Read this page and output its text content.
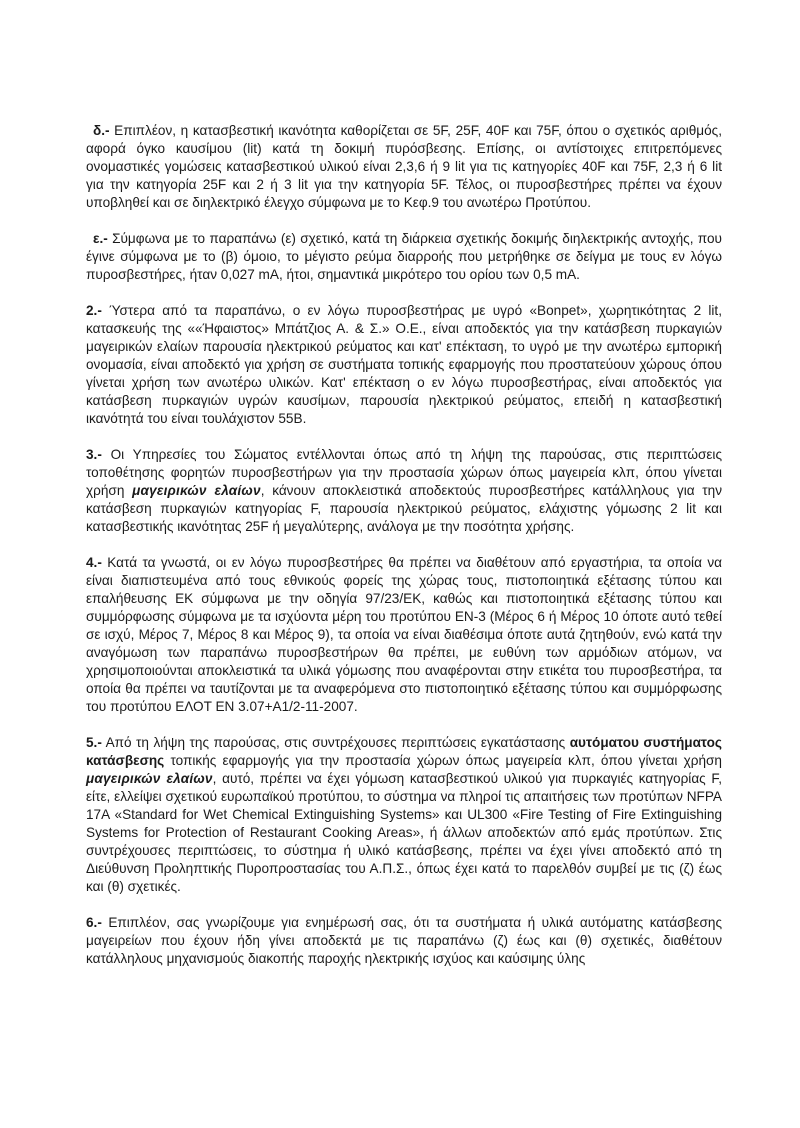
δ.- Επιπλέον, η κατασβεστική ικανότητα καθορίζεται σε 5F, 25F, 40F και 75F, όπου ο σχετικός αριθμός, αφορά όγκο καυσίμου (lit) κατά τη δοκιμή πυρόσβεσης. Επίσης, οι αντίστοιχες επιτρεπόμενες ονομαστικές γομώσεις κατασβεστικού υλικού είναι 2,3,6 ή 9 lit για τις κατηγορίες 40F και 75F, 2,3 ή 6 lit για την κατηγορία 25F και 2 ή 3 lit για την κατηγορία 5F. Τέλος, οι πυροσβεστήρες πρέπει να έχουν υποβληθεί και σε διηλεκτρικό έλεγχο σύμφωνα με το Κεφ.9 του ανωτέρω Προτύπου.

ε.- Σύμφωνα με το παραπάνω (ε) σχετικό, κατά τη διάρκεια σχετικής δοκιμής διηλεκτρικής αντοχής, που έγινε σύμφωνα με το (β) όμοιο, το μέγιστο ρεύμα διαρροής που μετρήθηκε σε δείγμα με τους εν λόγω πυροσβεστήρες, ήταν 0,027 mA, ήτοι, σημαντικά μικρότερο του ορίου των 0,5 mA.

2.- Ύστερα από τα παραπάνω, ο εν λόγω πυροσβεστήρας με υγρό «Bonpet», χωρητικότητας 2 lit, κατασκευής της ««Ήφαιστος» Μπάτζιος Α. & Σ.» Ο.Ε., είναι αποδεκτός για την κατάσβεση πυρκαγιών μαγειρικών ελαίων παρουσία ηλεκτρικού ρεύματος και κατ' επέκταση, το υγρό με την ανωτέρω εμπορική ονομασία, είναι αποδεκτό για χρήση σε συστήματα τοπικής εφαρμογής που προστατεύουν χώρους όπου γίνεται χρήση των ανωτέρω υλικών. Κατ' επέκταση ο εν λόγω πυροσβεστήρας, είναι αποδεκτός για κατάσβεση πυρκαγιών υγρών καυσίμων, παρουσία ηλεκτρικού ρεύματος, επειδή η κατασβεστική ικανότητά του είναι τουλάχιστον 55B.

3.- Οι Υπηρεσίες του Σώματος εντέλλονται όπως από τη λήψη της παρούσας, στις περιπτώσεις τοποθέτησης φορητών πυροσβεστήρων για την προστασία χώρων όπως μαγειρεία κλπ, όπου γίνεται χρήση μαγειρικών ελαίων, κάνουν αποκλειστικά αποδεκτούς πυροσβεστήρες κατάλληλους για την κατάσβεση πυρκαγιών κατηγορίας F, παρουσία ηλεκτρικού ρεύματος, ελάχιστης γόμωσης 2 lit και κατασβεστικής ικανότητας 25F ή μεγαλύτερης, ανάλογα με την ποσότητα χρήσης.

4.- Κατά τα γνωστά, οι εν λόγω πυροσβεστήρες θα πρέπει να διαθέτουν από εργαστήρια, τα οποία να είναι διαπιστευμένα από τους εθνικούς φορείς της χώρας τους, πιστοποιητικά εξέτασης τύπου και επαλήθευσης ΕΚ σύμφωνα με την οδηγία 97/23/ΕΚ, καθώς και πιστοποιητικά εξέτασης τύπου και συμμόρφωσης σύμφωνα με τα ισχύοντα μέρη του προτύπου ΕΝ-3 (Μέρος 6 ή Μέρος 10 όποτε αυτό τεθεί σε ισχύ, Μέρος 7, Μέρος 8 και Μέρος 9), τα οποία να είναι διαθέσιμα όποτε αυτά ζητηθούν, ενώ κατά την αναγόμωση των παραπάνω πυροσβεστήρων θα πρέπει, με ευθύνη των αρμόδιων ατόμων, να χρησιμοποιούνται αποκλειστικά τα υλικά γόμωσης που αναφέρονται στην ετικέτα του πυροσβεστήρα, τα οποία θα πρέπει να ταυτίζονται με τα αναφερόμενα στο πιστοποιητικό εξέτασης τύπου και συμμόρφωσης του προτύπου ΕΛΟΤ ΕΝ 3.07+Α1/2-11-2007.

5.- Από τη λήψη της παρούσας, στις συντρέχουσες περιπτώσεις εγκατάστασης αυτόματου συστήματος κατάσβεσης τοπικής εφαρμογής για την προστασία χώρων όπως μαγειρεία κλπ, όπου γίνεται χρήση μαγειρικών ελαίων, αυτό, πρέπει να έχει γόμωση κατασβεστικού υλικού για πυρκαγιές κατηγορίας F, είτε, ελλείψει σχετικού ευρωπαϊκού προτύπου, το σύστημα να πληροί τις απαιτήσεις των προτύπων NFPA 17A «Standard for Wet Chemical Extinguishing Systems» και UL300 «Fire Testing of Fire Extinguishing Systems for Protection of Restaurant Cooking Areas», ή άλλων αποδεκτών από εμάς προτύπων. Στις συντρέχουσες περιπτώσεις, το σύστημα ή υλικό κατάσβεσης, πρέπει να έχει γίνει αποδεκτό από τη Διεύθυνση Προληπτικής Πυροπροστασίας του Α.Π.Σ., όπως έχει κατά το παρελθόν συμβεί με τις (ζ) έως και (θ) σχετικές.

6.- Επιπλέον, σας γνωρίζουμε για ενημέρωσή σας, ότι τα συστήματα ή υλικά αυτόματης κατάσβεσης μαγειρείων που έχουν ήδη γίνει αποδεκτά με τις παραπάνω (ζ) έως και (θ) σχετικές, διαθέτουν κατάλληλους μηχανισμούς διακοπής παροχής ηλεκτρικής ισχύος και καύσιμης ύλης
